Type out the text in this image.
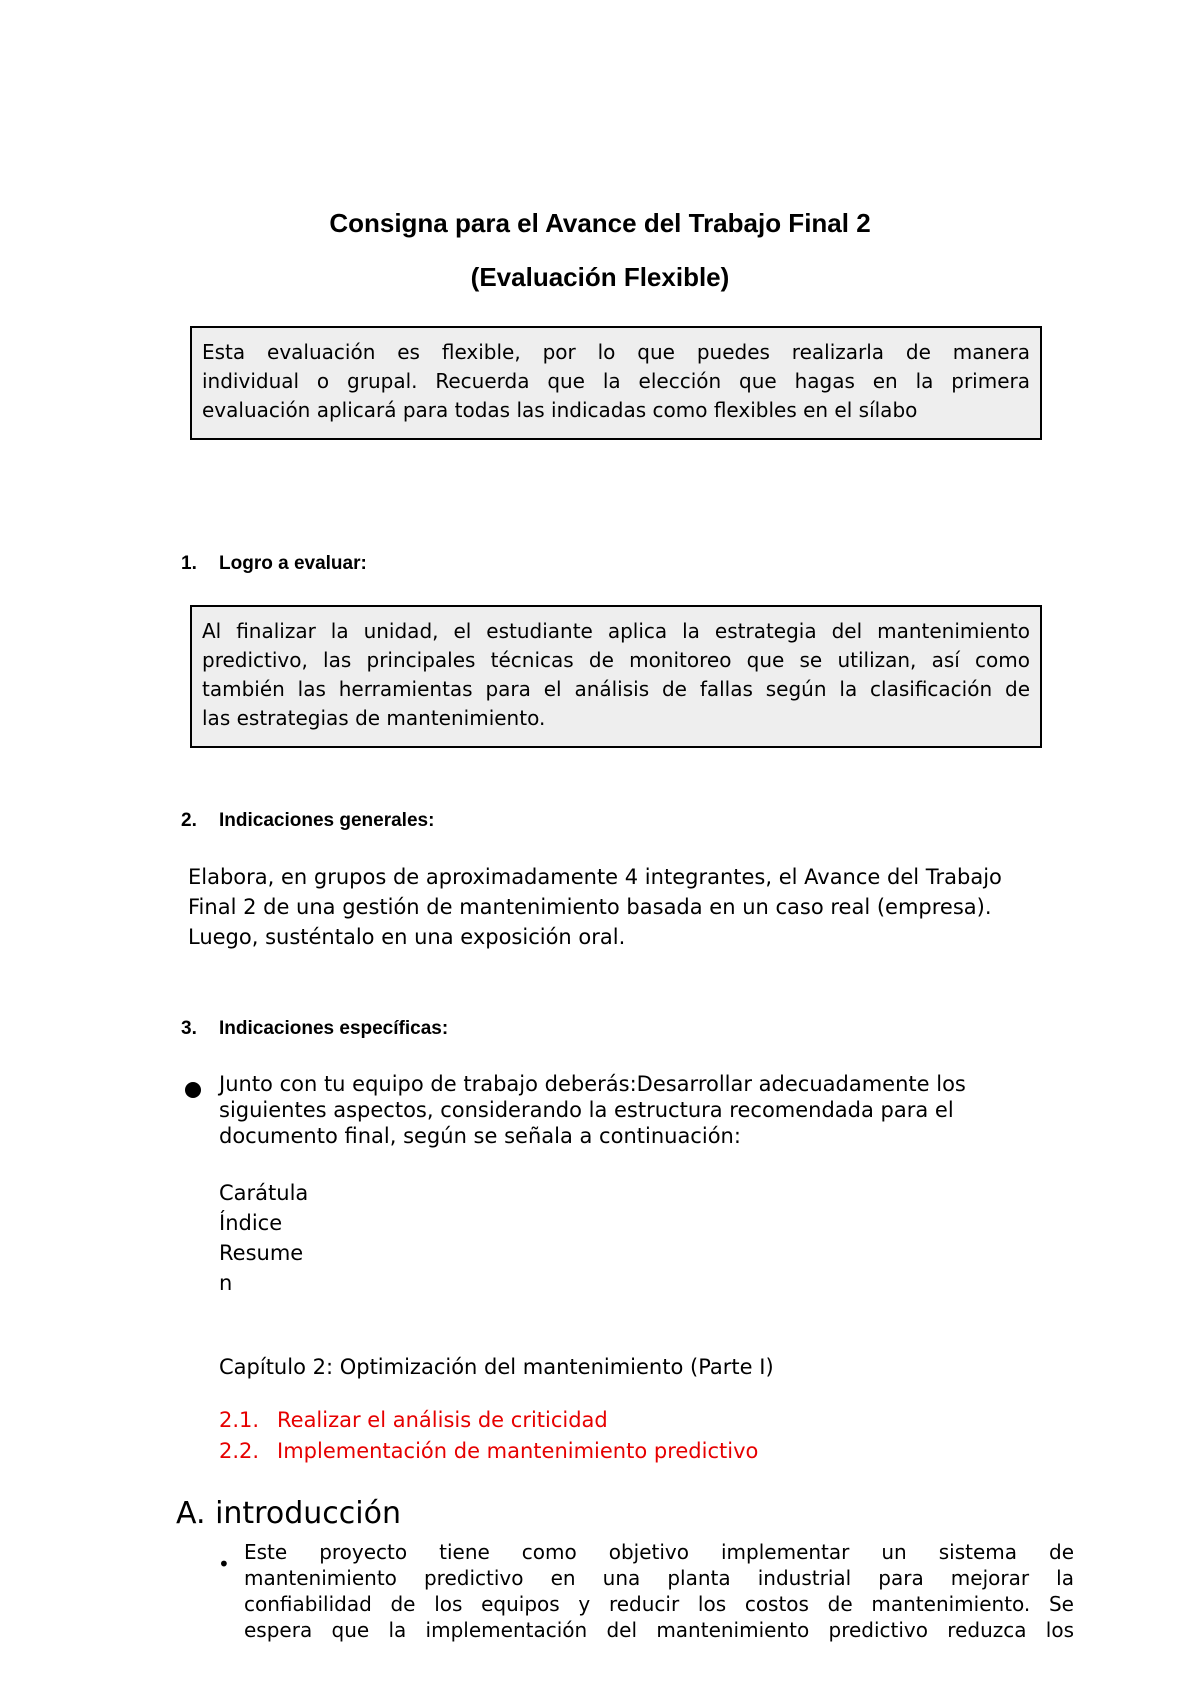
Consigna para el Avance del Trabajo Final 2
(Evaluación Flexible)
Esta evaluación es flexible, por lo que puedes realizarla de manera
individual o grupal. Recuerda que la elección que hagas en la primera
evaluación aplicará para todas las indicadas como flexibles en el sílabo
1. Logro a evaluar:
Al finalizar la unidad, el estudiante aplica la estrategia del mantenimiento
predictivo, las principales técnicas de monitoreo que se utilizan, así como
también las herramientas para el análisis de fallas según la clasificación de
las estrategias de mantenimiento.
2. Indicaciones generales:
Elabora, en grupos de aproximadamente 4 integrantes, el Avance del Trabajo
Final 2 de una gestión de mantenimiento basada en un caso real (empresa).
Luego, susténtalo en una exposición oral.
3. Indicaciones específicas:
Junto con tu equipo de trabajo deberás:Desarrollar adecuadamente los
siguientes aspectos, considerando la estructura recomendada para el
documento final, según se señala a continuación:
Carátula
Índice
Resume
n
Capítulo 2: Optimización del mantenimiento (Parte I)
2.1. Realizar el análisis de criticidad
2.2. Implementación de mantenimiento predictivo
A. introducción
• Este proyecto tiene como objetivo implementar un sistema de
mantenimiento predictivo en una planta industrial para mejorar la
confiabilidad de los equipos y reducir los costos de mantenimiento. Se
espera que la implementación del mantenimiento predictivo reduzca los
